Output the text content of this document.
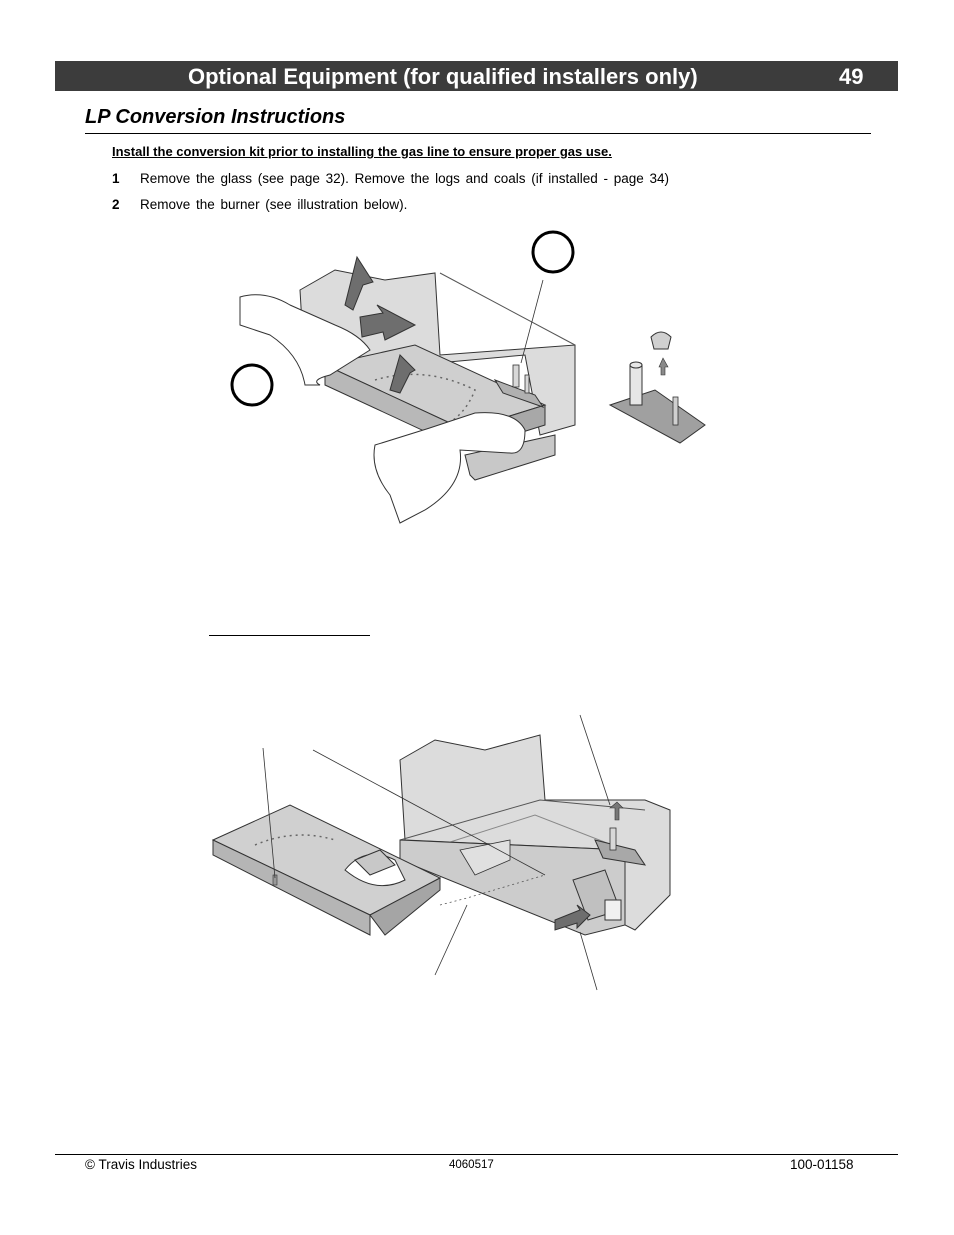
Optional Equipment (for qualified installers only)	49
LP Conversion Instructions
Install the conversion kit prior to installing the gas line to ensure proper gas use.
1 Remove the glass (see page 32). Remove the logs and coals (if installed - page 34)
2 Remove the burner (see illustration below).
© Travis Industries	4060517	100-01158
